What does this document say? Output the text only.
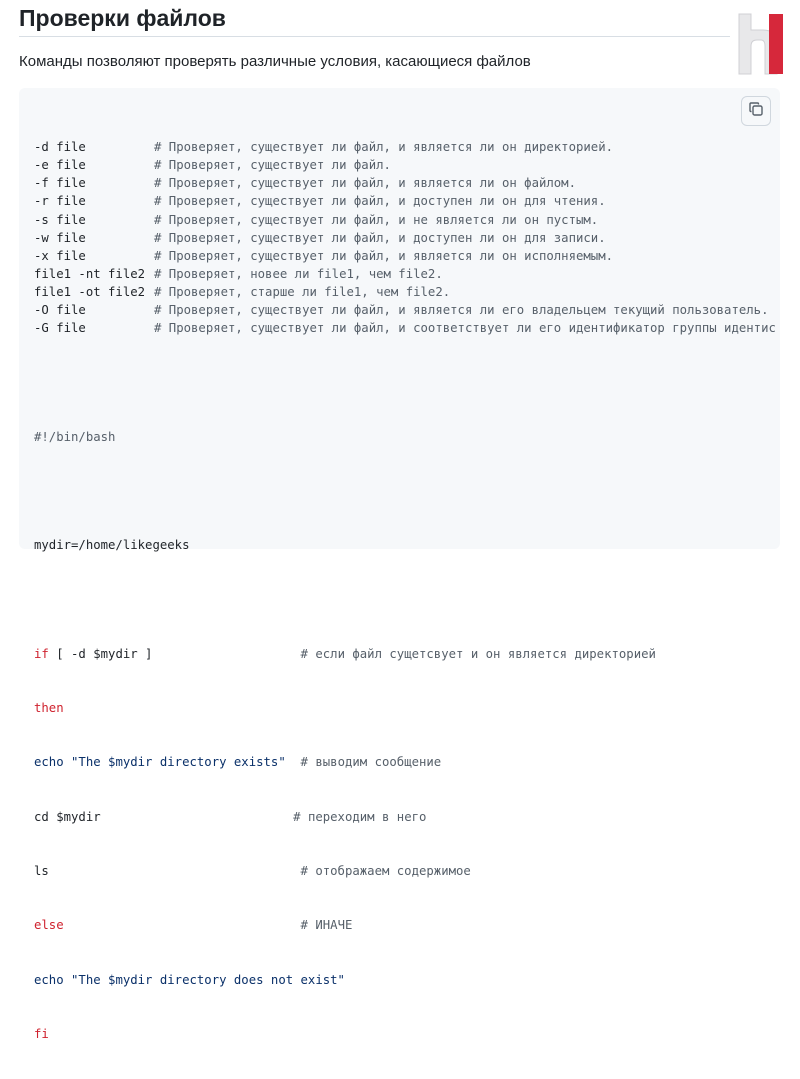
Проверки файлов

Команды позволяют проверять различные условия, касающиеся файлов

-d file	# Проверяет, существует ли файл, и является ли он директорией.
-e file	# Проверяет, существует ли файл.
-f file	# Проверяет, существует ли файл, и является ли он файлом.
-r file	# Проверяет, существует ли файл, и доступен ли он для чтения.
-s file	# Проверяет, существует ли файл, и не является ли он пустым.
-w file	# Проверяет, существует ли файл, и доступен ли он для записи.
-x file	# Проверяет, существует ли файл, и является ли он исполняемым.
file1 -nt file2 # Проверяет, новее ли file1, чем file2.
file1 -ot file2 # Проверяет, старше ли file1, чем file2.
-O file	# Проверяет, существует ли файл, и является ли его владельцем текущий пользователь.
-G file	# Проверяет, существует ли файл, и соответствует ли его идентификатор группы идентис

#!/bin/bash

mydir=/home/likegeeks

if [ -d $mydir ]	# если файл сущетсвует и он является директорией

then

echo "The $mydir directory exists" # выводим сообщение

cd $mydir	# переходим в него

ls	# отображаем содержимое

else	# ИНАЧЕ

echo "The $mydir directory does not exist"

fi
